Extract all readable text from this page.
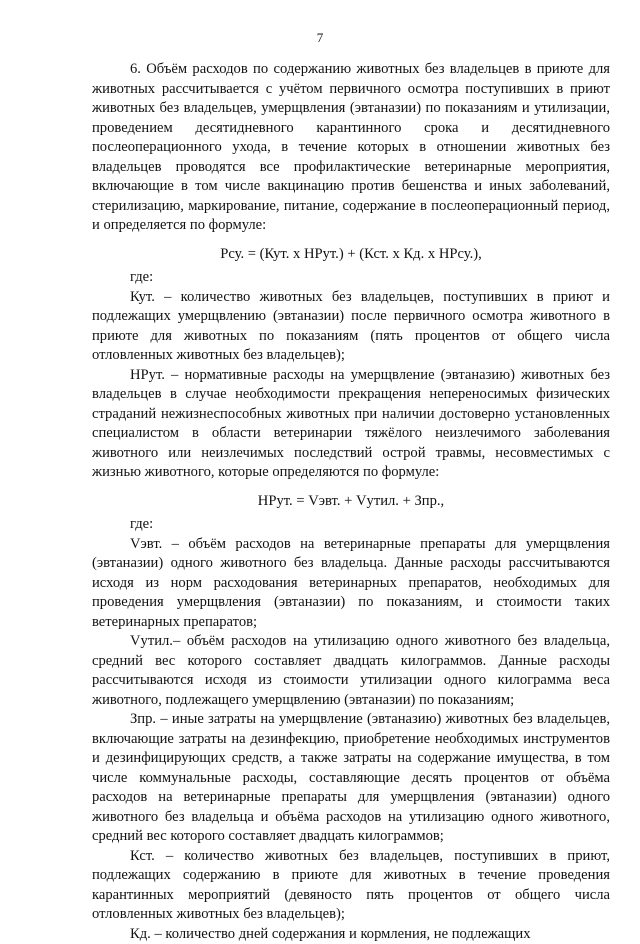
7

6. Объём расходов по содержанию животных без владельцев в приюте для животных рассчитывается с учётом первичного осмотра поступивших в приют животных без владельцев, умерщвления (эвтаназии) по показаниям и утилизации, проведением десятидневного карантинного срока и десятидневного послеоперационного ухода, в течение которых в отношении животных без владельцев проводятся все профилактические ветеринарные мероприятия, включающие в том числе вакцинацию против бешенства и иных заболеваний, стерилизацию, маркирование, питание, содержание в послеоперационный период, и определяется по формуле:

Рсу. = (Кут. х НРут.) + (Кст. х Кд. х НРсу.),

где:

Кут. – количество животных без владельцев, поступивших в приют и подлежащих умерщвлению (эвтаназии) после первичного осмотра животного в приюте для животных по показаниям (пять процентов от общего числа отловленных животных без владельцев);

НРут. – нормативные расходы на умерщвление (эвтаназию) животных без владельцев в случае необходимости прекращения непереносимых физических страданий нежизнеспособных животных при наличии достоверно установленных специалистом в области ветеринарии тяжёлого неизлечимого заболевания животного или неизлечимых последствий острой травмы, несовместимых с жизнью животного, которые определяются по формуле:

НРут. = Vэвт. + Vутил. + Зпр.,

где:

Vэвт. – объём расходов на ветеринарные препараты для умерщвления (эвтаназии) одного животного без владельца. Данные расходы рассчитываются исходя из норм расходования ветеринарных препаратов, необходимых для проведения умерщвления (эвтаназии) по показаниям, и стоимости таких ветеринарных препаратов;

Vутил.– объём расходов на утилизацию одного животного без владельца, средний вес которого составляет двадцать килограммов. Данные расходы рассчитываются исходя из стоимости утилизации одного килограмма веса животного, подлежащего умерщвлению (эвтаназии) по показаниям;

Зпр. – иные затраты на умерщвление (эвтаназию) животных без владельцев, включающие затраты на дезинфекцию, приобретение необходимых инструментов и дезинфицирующих средств, а также затраты на содержание имущества, в том числе коммунальные расходы, составляющие десять процентов от объёма расходов на ветеринарные препараты для умерщвления (эвтаназии) одного животного без владельца и объёма расходов на утилизацию одного животного, средний вес которого составляет двадцать килограммов;

Кст. – количество животных без владельцев, поступивших в приют, подлежащих содержанию в приюте для животных в течение проведения карантинных мероприятий (девяносто пять процентов от общего числа отловленных животных без владельцев);

Кд. – количество дней содержания и кормления, не подлежащих
